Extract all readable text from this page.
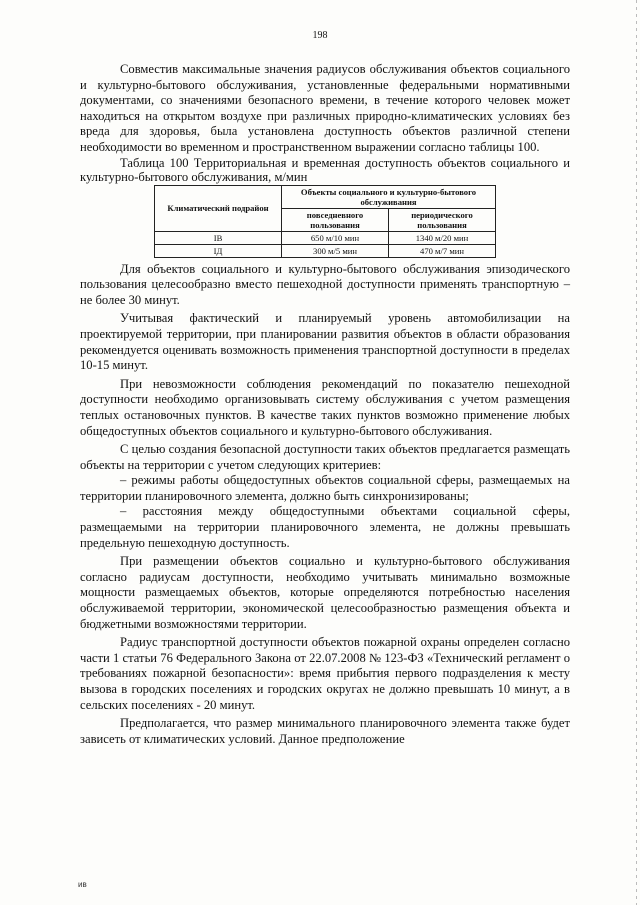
198

Совместив максимальные значения радиусов обслуживания объектов социального и культурно-бытового обслуживания, установленные федеральными нормативными документами, со значениями безопасного времени, в течение которого человек может находиться на открытом воздухе при различных природно-климатических условиях без вреда для здоровья, была установлена доступность объектов различной степени необходимости во временном и пространственном выражении согласно таблицы 100.

Таблица 100 Территориальная и временная доступность объектов социального и культурно-бытового обслуживания, м/мин

Климатический подрайон	Объекты социального и культурно-бытового обслуживания	
	повседневного пользования	периодического пользования
IВ	650 м/10 мин	1340 м/20 мин
IД	300 м/5 мин	470 м/7 мин

Для объектов социального и культурно-бытового обслуживания эпизодического пользования целесообразно вместо пешеходной доступности применять транспортную – не более 30 минут.

Учитывая фактический и планируемый уровень автомобилизации на проектируемой территории, при планировании развития объектов в области образования рекомендуется оценивать возможность применения транспортной доступности в пределах 10-15 минут.

При невозможности соблюдения рекомендаций по показателю пешеходной доступности необходимо организовывать систему обслуживания с учетом размещения теплых остановочных пунктов. В качестве таких пунктов возможно применение любых общедоступных объектов социального и культурно-бытового обслуживания.

С целью создания безопасной доступности таких объектов предлагается размещать объекты на территории с учетом следующих критериев:

– режимы работы общедоступных объектов социальной сферы, размещаемых на территории планировочного элемента, должно быть синхронизированы;

– расстояния между общедоступными объектами социальной сферы, размещаемыми на территории планировочного элемента, не должны превышать предельную пешеходную доступность.

При размещении объектов социально и культурно-бытового обслуживания согласно радиусам доступности, необходимо учитывать минимально возможные мощности размещаемых объектов, которые определяются потребностью населения обслуживаемой территории, экономической целесообразностью размещения объекта и бюджетными возможностями территории.

Радиус транспортной доступности объектов пожарной охраны определен согласно части 1 статьи 76 Федерального Закона от 22.07.2008 № 123-ФЗ «Технический регламент о требованиях пожарной безопасности»: время прибытия первого подразделения к месту вызова в городских поселениях и городских округах не должно превышать 10 минут, а в сельских поселениях - 20 минут.

Предполагается, что размер минимального планировочного элемента также будет зависеть от климатических условий. Данное предположение

ив
